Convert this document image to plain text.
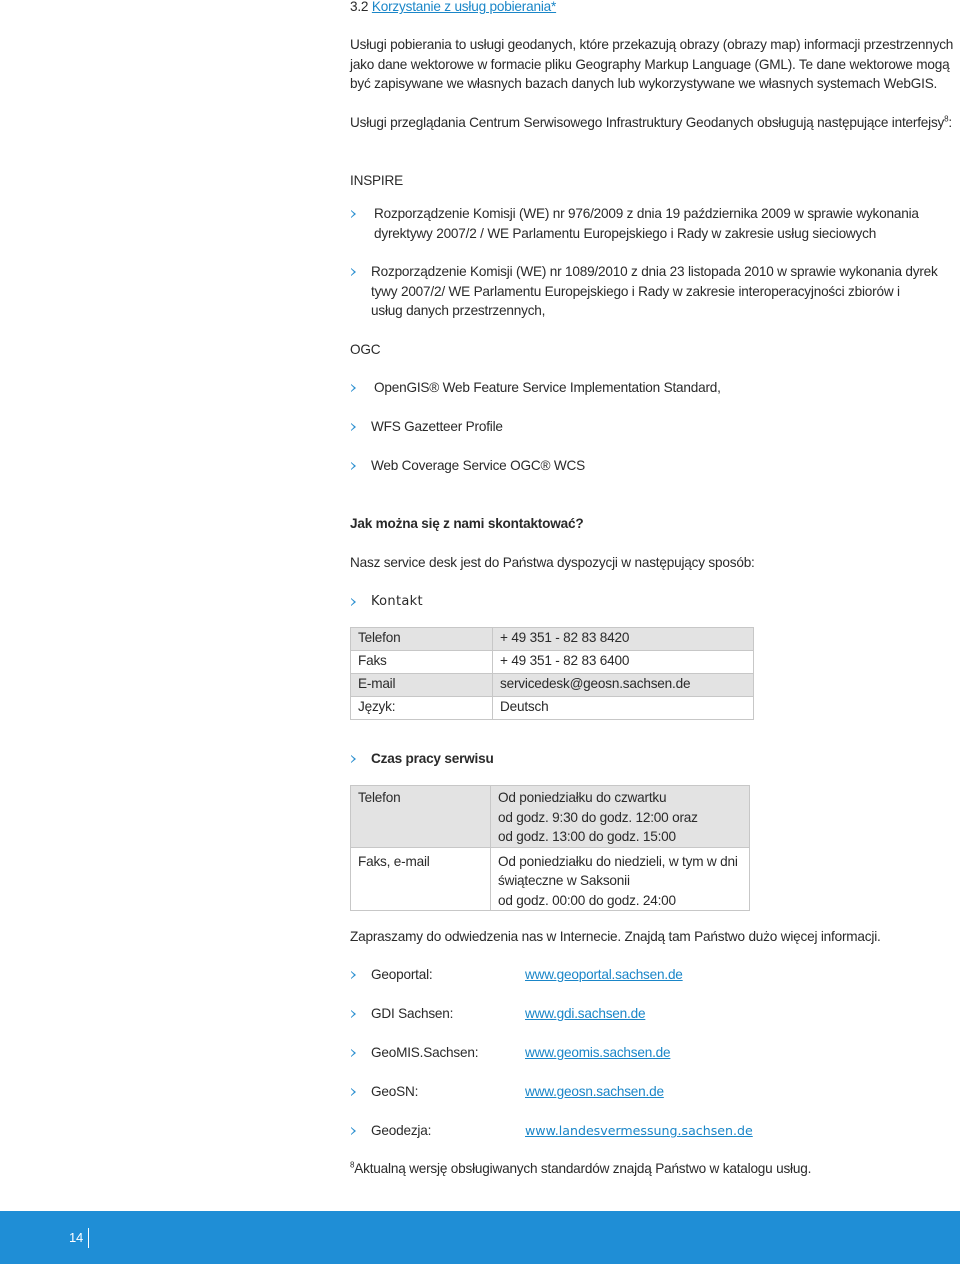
3.2 Korzystanie z usług pobierania*
Usługi pobierania to usługi geodanych, które przekazują obrazy (obrazy map) informacji przestrzennych
jako dane wektorowe w formacie pliku Geography Markup Language (GML). Te dane wektorowe mogą
być zapisywane we własnych bazach danych lub wykorzystywane we własnych systemach WebGIS.
Usługi przeglądania Centrum Serwisowego Infrastruktury Geodanych obsługują następujące interfejsy$^8$:
INSPIRE
Rozporządzenie Komisji (WE) nr 976/2009 z dnia 19 października 2009 w sprawie wykonania
dyrektywy 2007/2 / WE Parlamentu Europejskiego i Rady w zakresie usług sieciowych
Rozporządzenie Komisji (WE) nr 1089/2010 z dnia 23 listopada 2010 w sprawie wykonania dyrek
tywy 2007/2/ WE Parlamentu Europejskiego i Rady w zakresie interoperacyjności zbiorów i
usług danych przestrzennych,
OGC
OpenGIS® Web Feature Service Implementation Standard,
WFS Gazetteer Profile
Web Coverage Service OGC® WCS
Jak można się z nami skontaktować?
Nasz service desk jest do Państwa dyspozycji w następujący sposób:
Kontakt
Telefon	+ 49 351 - 82 83 8420
Faks	+ 49 351 - 82 83 6400
E-mail	servicedesk@geosn.sachsen.de
Język:	Deutsch
Czas pracy serwisu
Telefon	Od poniedziałku do czwartku
od godz. 9:30 do godz. 12:00 oraz
od godz. 13:00 do godz. 15:00

Faks, e-mail	Od poniedziałku do niedzieli, w tym w dni
świąteczne w Saksonii
od godz. 00:00 do godz. 24:00
Zapraszamy do odwiedzenia nas w Internecie. Znajdą tam Państwo dużo więcej informacji.
Geoportal:	www.geoportal.sachsen.de
GDI Sachsen:	www.gdi.sachsen.de
GeoMIS.Sachsen:	www.geomis.sachsen.de
GeoSN:	www.geosn.sachsen.de
Geodezja:	www.landesvermessung.sachsen.de
$^8$Aktualną wersję obsługiwanych standardów znajdą Państwo w katalogu usług.
14
